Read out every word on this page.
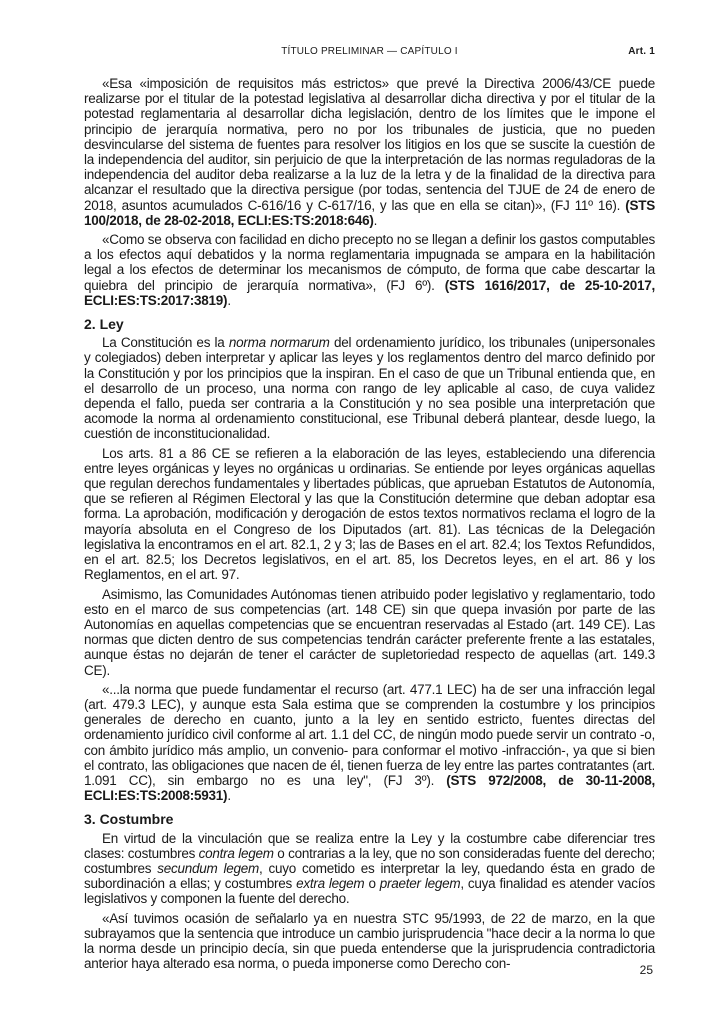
TÍTULO PRELIMINAR — CAPÍTULO I	Art. 1

«Esa «imposición de requisitos más estrictos» que prevé la Directiva 2006/43/CE puede realizarse por el titular de la potestad legislativa al desarrollar dicha directiva y por el titular de la potestad reglamentaria al desarrollar dicha legislación, dentro de los límites que le impone el principio de jerarquía normativa, pero no por los tribunales de justicia, que no pueden desvincularse del sistema de fuentes para resolver los litigios en los que se suscite la cuestión de la independencia del auditor, sin perjuicio de que la interpretación de las normas reguladoras de la independencia del auditor deba realizarse a la luz de la letra y de la finalidad de la directiva para alcanzar el resultado que la directiva persigue (por todas, sentencia del TJUE de 24 de enero de 2018, asuntos acumulados C-616/16 y C-617/16, y las que en ella se citan)», (FJ 11º 16). (STS 100/2018, de 28-02-2018, ECLI:ES:TS:2018:646).

«Como se observa con facilidad en dicho precepto no se llegan a definir los gastos computables a los efectos aquí debatidos y la norma reglamentaria impugnada se ampara en la habilitación legal a los efectos de determinar los mecanismos de cómputo, de forma que cabe descartar la quiebra del principio de jerarquía normativa», (FJ 6º). (STS 1616/2017, de 25-10-2017, ECLI:ES:TS:2017:3819).

2. Ley

La Constitución es la norma normarum del ordenamiento jurídico, los tribunales (unipersonales y colegiados) deben interpretar y aplicar las leyes y los reglamentos dentro del marco definido por la Constitución y por los principios que la inspiran. En el caso de que un Tribunal entienda que, en el desarrollo de un proceso, una norma con rango de ley aplicable al caso, de cuya validez dependa el fallo, pueda ser contraria a la Constitución y no sea posible una interpretación que acomode la norma al ordenamiento constitucional, ese Tribunal deberá plantear, desde luego, la cuestión de inconstitucionalidad.

Los arts. 81 a 86 CE se refieren a la elaboración de las leyes, estableciendo una diferencia entre leyes orgánicas y leyes no orgánicas u ordinarias. Se entiende por leyes orgánicas aquellas que regulan derechos fundamentales y libertades públicas, que aprueban Estatutos de Autonomía, que se refieren al Régimen Electoral y las que la Constitución determine que deban adoptar esa forma. La aprobación, modificación y derogación de estos textos normativos reclama el logro de la mayoría absoluta en el Congreso de los Diputados (art. 81). Las técnicas de la Delegación legislativa la encontramos en el art. 82.1, 2 y 3; las de Bases en el art. 82.4; los Textos Refundidos, en el art. 82.5; los Decretos legislativos, en el art. 85, los Decretos leyes, en el art. 86 y los Reglamentos, en el art. 97.

Asimismo, las Comunidades Autónomas tienen atribuido poder legislativo y reglamentario, todo esto en el marco de sus competencias (art. 148 CE) sin que quepa invasión por parte de las Autonomías en aquellas competencias que se encuentran reservadas al Estado (art. 149 CE). Las normas que dicten dentro de sus competencias tendrán carácter preferente frente a las estatales, aunque éstas no dejarán de tener el carácter de supletoriedad respecto de aquellas (art. 149.3 CE).

«...la norma que puede fundamentar el recurso (art. 477.1 LEC) ha de ser una infracción legal (art. 479.3 LEC), y aunque esta Sala estima que se comprenden la costumbre y los principios generales de derecho en cuanto, junto a la ley en sentido estricto, fuentes directas del ordenamiento jurídico civil conforme al art. 1.1 del CC, de ningún modo puede servir un contrato -o, con ámbito jurídico más amplio, un convenio- para conformar el motivo -infracción-, ya que si bien el contrato, las obligaciones que nacen de él, tienen fuerza de ley entre las partes contratantes (art. 1.091 CC), sin embargo no es una ley", (FJ 3º). (STS 972/2008, de 30-11-2008, ECLI:ES:TS:2008:5931).

3. Costumbre

En virtud de la vinculación que se realiza entre la Ley y la costumbre cabe diferenciar tres clases: costumbres contra legem o contrarias a la ley, que no son consideradas fuente del derecho; costumbres secundum legem, cuyo cometido es interpretar la ley, quedando ésta en grado de subordinación a ellas; y costumbres extra legem o praeter legem, cuya finalidad es atender vacíos legislativos y componen la fuente del derecho.

«Así tuvimos ocasión de señalarlo ya en nuestra STC 95/1993, de 22 de marzo, en la que subrayamos que la sentencia que introduce un cambio jurisprudencia "hace decir a la norma lo que la norma desde un principio decía, sin que pueda entenderse que la jurisprudencia contradictoria anterior haya alterado esa norma, o pueda imponerse como Derecho con-	25
